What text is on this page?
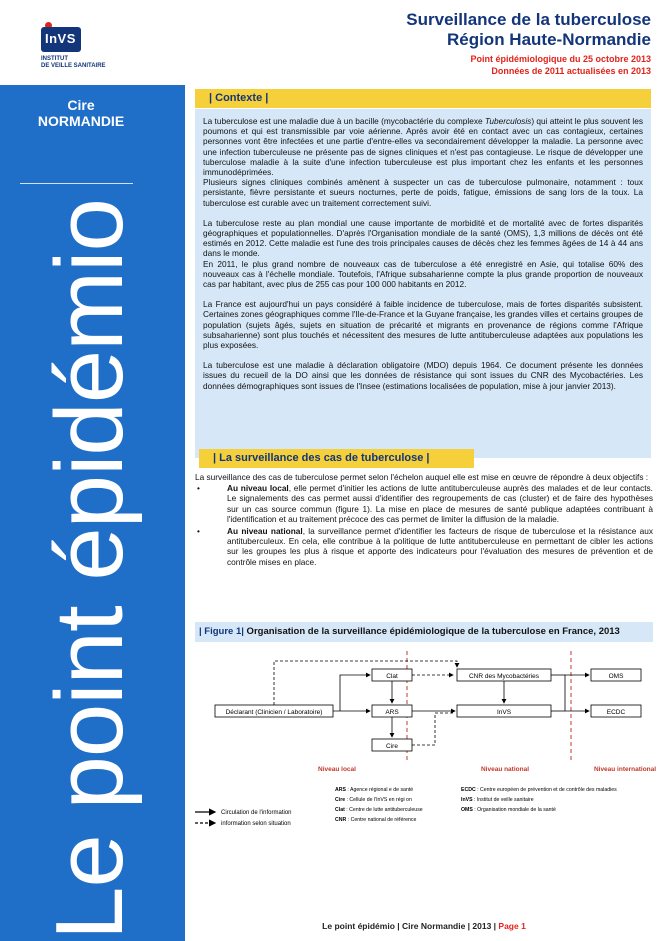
InVS
INSTITUT
DE VEILLE SANITAIRE
Cire
NORMANDIE
Le point épidémio
Surveillance de la tuberculose
Région Haute-Normandie
Point épidémiologique du 25 octobre 2013
Données de 2011 actualisées en 2013
| Contexte |

La tuberculose est une maladie due à un bacille (mycobactérie du complexe Tuberculosis) qui atteint le plus souvent les poumons et qui est transmissible par voie aérienne. Après avoir été en contact avec un cas contagieux, certaines personnes vont être infectées et une partie d'entre-elles va secondairement développer la maladie. La personne avec une infection tuberculeuse ne présente pas de signes cliniques et n'est pas contagieuse. Le risque de développer une tuberculose maladie à la suite d'une infection tuberculeuse est plus important chez les enfants et les personnes immunodéprimées.

Plusieurs signes cliniques combinés amènent à suspecter un cas de tuberculose pulmonaire, notamment : toux persistante, fièvre persistante et sueurs nocturnes, perte de poids, fatigue, émissions de sang lors de la toux. La tuberculose est curable avec un traitement correctement suivi.

La tuberculose reste au plan mondial une cause importante de morbidité et de mortalité avec de fortes disparités géographiques et populationnelles. D'après l'Organisation mondiale de la santé (OMS), 1,3 millions de décès ont été estimés en 2012. Cette maladie est l'une des trois principales causes de décès chez les femmes âgées de 14 à 44 ans dans le monde.

En 2011, le plus grand nombre de nouveaux cas de tuberculose a été enregistré en Asie, qui totalise 60% des nouveaux cas à l'échelle mondiale. Toutefois, l'Afrique subsaharienne compte la plus grande proportion de nouveaux cas par habitant, avec plus de 255 cas pour 100 000 habitants en 2012.

La France est aujourd'hui un pays considéré à faible incidence de tuberculose, mais de fortes disparités subsistent. Certaines zones géographiques comme l'Ile-de-France et la Guyane française, les grandes villes et certains groupes de population (sujets âgés, sujets en situation de précarité et migrants en provenance de régions comme l'Afrique subsaharienne) sont plus touchés et nécessitent des mesures de lutte antituberculeuse adaptées aux populations les plus exposées.

La tuberculose est une maladie à déclaration obligatoire (MDO) depuis 1964. Ce document présente les données issues du recueil de la DO ainsi que les données de résistance qui sont issues du CNR des Mycobactéries. Les données démographiques sont issues de l'Insee (estimations localisées de population, mise à jour janvier 2013).

| La surveillance des cas de tuberculose |

La surveillance des cas de tuberculose permet selon l'échelon auquel elle est mise en œuvre de répondre à deux objectifs :

•	Au niveau local, elle permet d'initier les actions de lutte antituberculeuse auprès des malades et de leur contacts. Le signalements des cas permet aussi d'identifier des regroupements de cas (cluster) et de faire des hypothèses sur un cas source commun (figure 1). La mise en place de mesures de santé publique adaptées contribuant à l'identification et au traitement précoce des cas permet de limiter la diffusion de la maladie.
•	Au niveau national, la surveillance permet d'identifier les facteurs de risque de tuberculose et la résistance aux antituberculeux. En cela, elle contribue à la politique de lutte antituberculeuse en permettant de cibler les actions sur les groupes les plus à risque et apporte des indicateurs pour l'évaluation des mesures de prévention et de contrôle mises en place.
| Figure 1| Organisation de la surveillance épidémiologique de la tuberculose en France, 2013
Déclarant (Clinicien / Laboratoire)
Clat
ARS
Cire
CNR des Mycobactéries
InVS
OMS
ECDC
Niveau local	Niveau national	Niveau international
ARS : Agence régional e de santé
Cire : Cellule de l'InVS en régi on
Clat : Centre de lutte antituberculeuse
CNR : Centre national de référence
ECDC : Centre européen de prévention et de contrôle des maladies
InVS : Institut de veille sanitaire
OMS : Organisation mondiale de la santé
Circulation de l'information
information selon situation
Le point épidémio | Cire Normandie | 2013 | Page 1
